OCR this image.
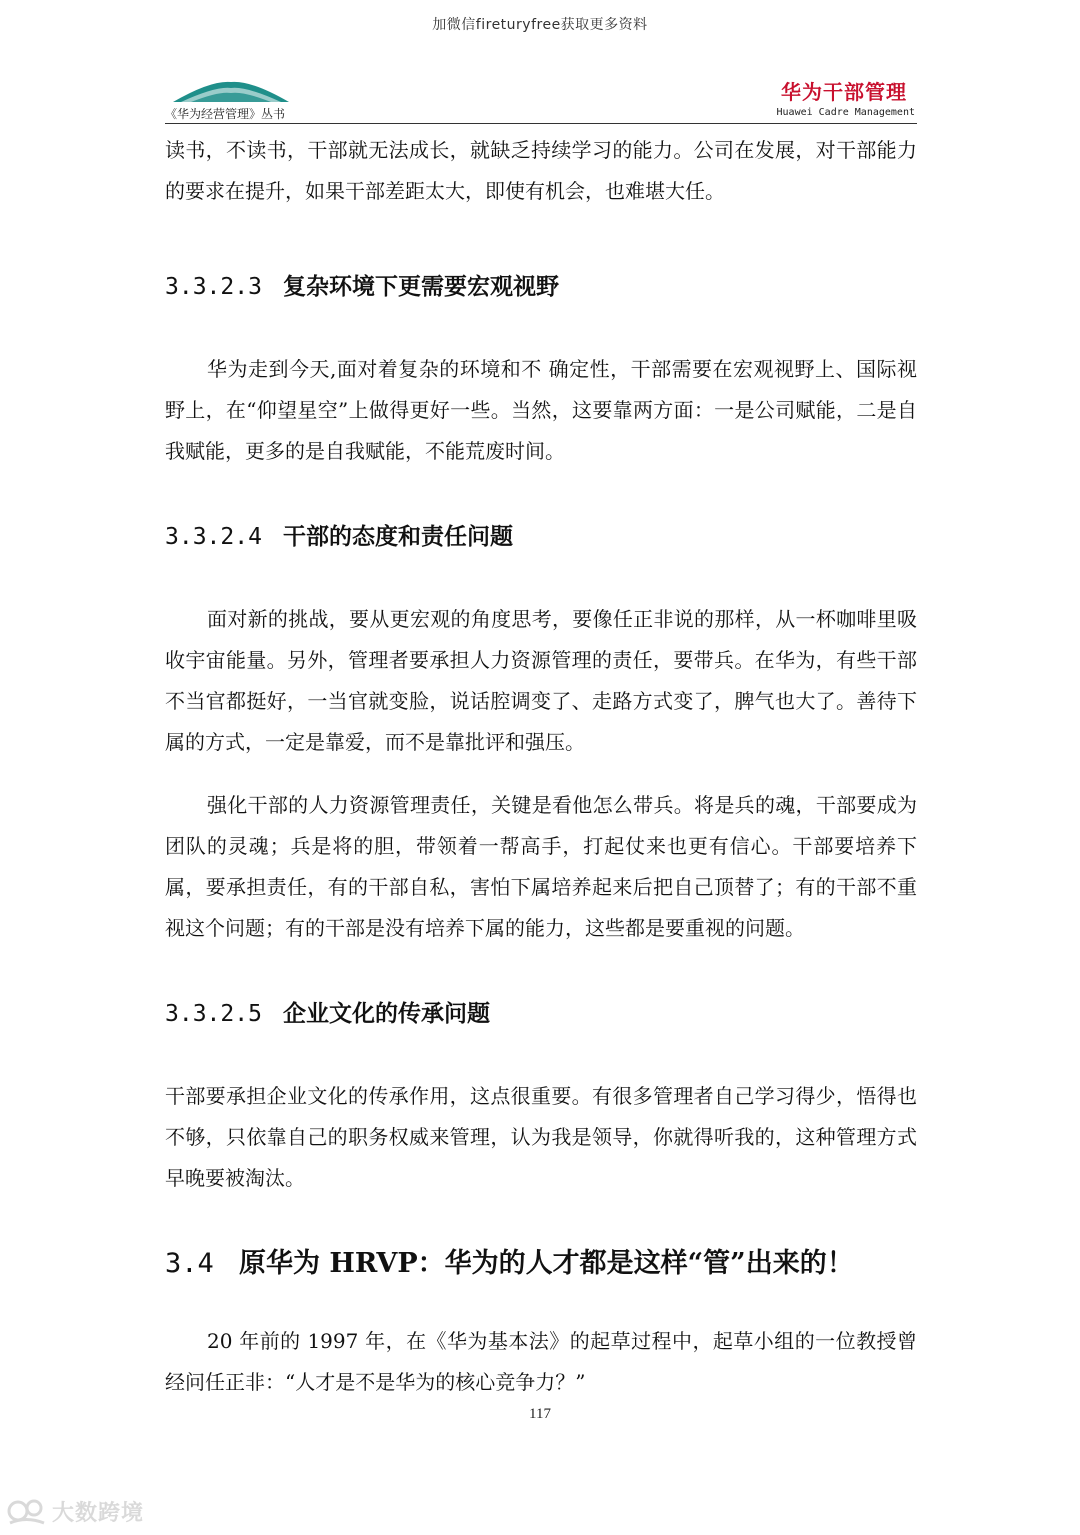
加微信fireturyfree获取更多资料
《华为经营管理》丛书
华为干部管理
Huawei Cadre Management

读书，不读书，干部就无法成长，就缺乏持续学习的能力。公司在发展，对干部能力的要求在提升，如果干部差距太大，即使有机会，也难堪大任。

3.3.2.3 复杂环境下更需要宏观视野

华为走到今天,面对着复杂的环境和不 确定性，干部需要在宏观视野上、国际视野上，在“仰望星空”上做得更好一些。当然，这要靠两方面：一是公司赋能，二是自我赋能，更多的是自我赋能，不能荒废时间。

3.3.2.4 干部的态度和责任问题

面对新的挑战，要从更宏观的角度思考，要像任正非说的那样，从一杯咖啡里吸收宇宙能量。另外，管理者要承担人力资源管理的责任，要带兵。在华为，有些干部不当官都挺好，一当官就变脸，说话腔调变了、走路方式变了，脾气也大了。善待下属的方式，一定是靠爱，而不是靠批评和强压。

强化干部的人力资源管理责任，关键是看他怎么带兵。将是兵的魂，干部要成为团队的灵魂；兵是将的胆，带领着一帮高手，打起仗来也更有信心。干部要培养下属，要承担责任，有的干部自私，害怕下属培养起来后把自己顶替了；有的干部不重视这个问题；有的干部是没有培养下属的能力，这些都是要重视的问题。

3.3.2.5 企业文化的传承问题

干部要承担企业文化的传承作用，这点很重要。有很多管理者自己学习得少，悟得也不够，只依靠自己的职务权威来管理，认为我是领导，你就得听我的，这种管理方式早晚要被淘汰。

3.4 原华为 HRVP：华为的人才都是这样“管”出来的！

20 年前的 1997 年，在《华为基本法》的起草过程中，起草小组的一位教授曾经问任正非：“人才是不是华为的核心竞争力？”

117
大数跨境
